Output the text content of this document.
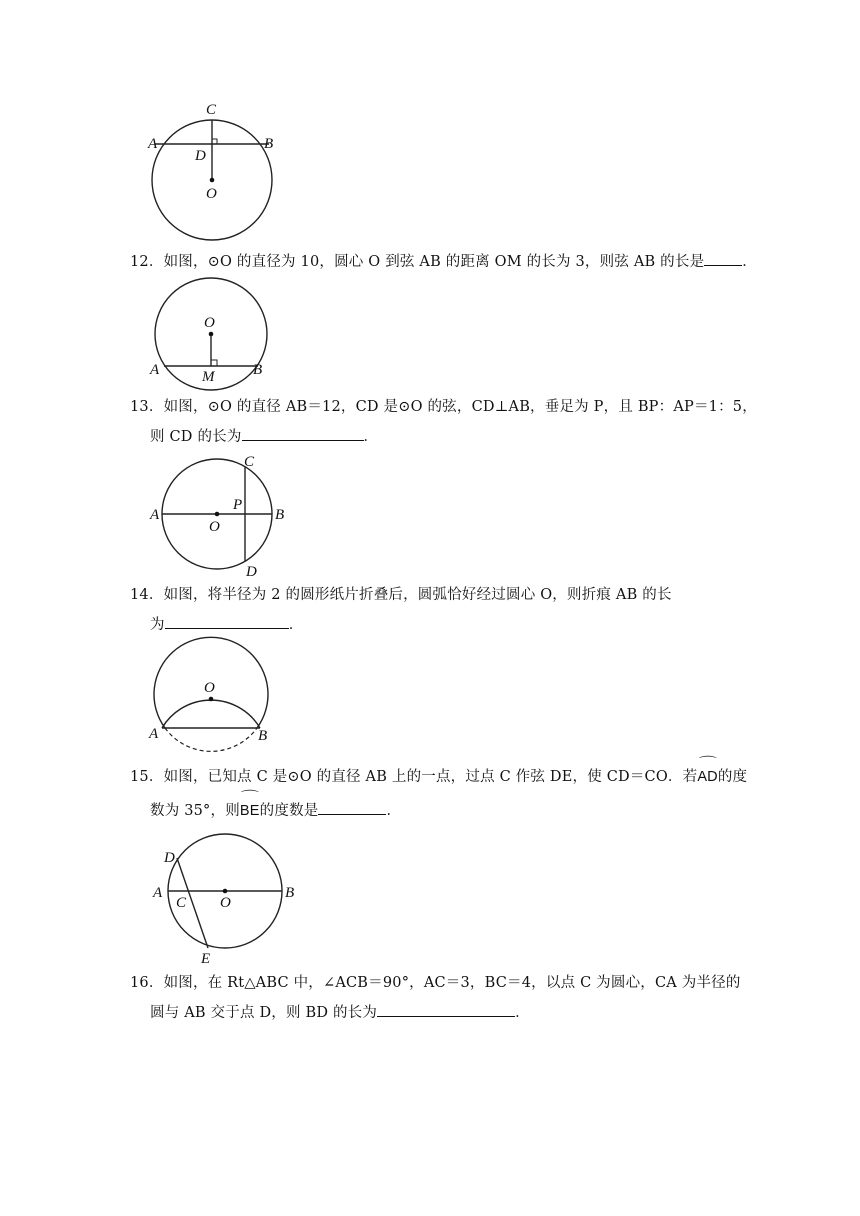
C
A	B
D
O
12．如图，⊙O 的直径为 10，圆心 O 到弦 AB 的距离 OM 的长为 3，则弦 AB 的长是	．
O
A	M	B
13．如图，⊙O 的直径 AB＝12，CD 是⊙O 的弦，CD⊥AB，垂足为 P，且 BP：AP＝1：5，
则 CD 的长为	．
C
A
O
P
B
D
14．如图，将半径为 2 的圆形纸片折叠后，圆弧恰好经过圆心 O，则折痕 AB 的长
为	．
O
A	B
15．如图，已知点 C 是⊙O 的直径 AB 上的一点，过点 C 作弦 DE，使 CD＝CO．若⌒ AD的度
数为 35°，则⌒ BE的度数是	．
D
A
C O
B
E
16．如图，在 Rt△ABC 中，∠ACB＝90°，AC＝3，BC＝4，以点 C 为圆心，CA 为半径的
圆与 AB 交于点 D，则 BD 的长为	．
